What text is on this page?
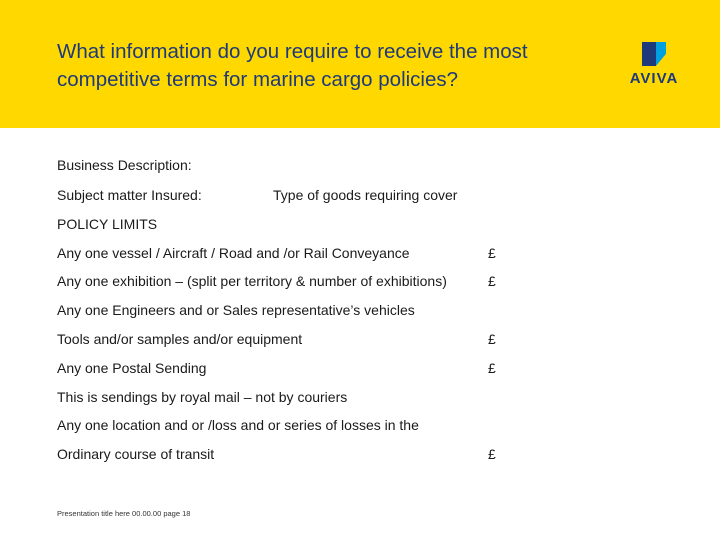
What information do you require to receive the most competitive terms for marine cargo policies?	AVIVA
Business Description:
Subject matter Insured:	Type of goods requiring cover
POLICY LIMITS
Any one vessel / Aircraft / Road and /or Rail Conveyance	£
Any one exhibition – (split per territory & number of exhibitions)	£
Any one Engineers and or Sales representative’s vehicles
Tools and/or samples and/or equipment	£
Any one Postal Sending	£
This is sendings by royal mail – not by couriers
Any one location and or /loss and or series of losses in the
Ordinary course of transit	£
Presentation title here 00.00.00 page 18
